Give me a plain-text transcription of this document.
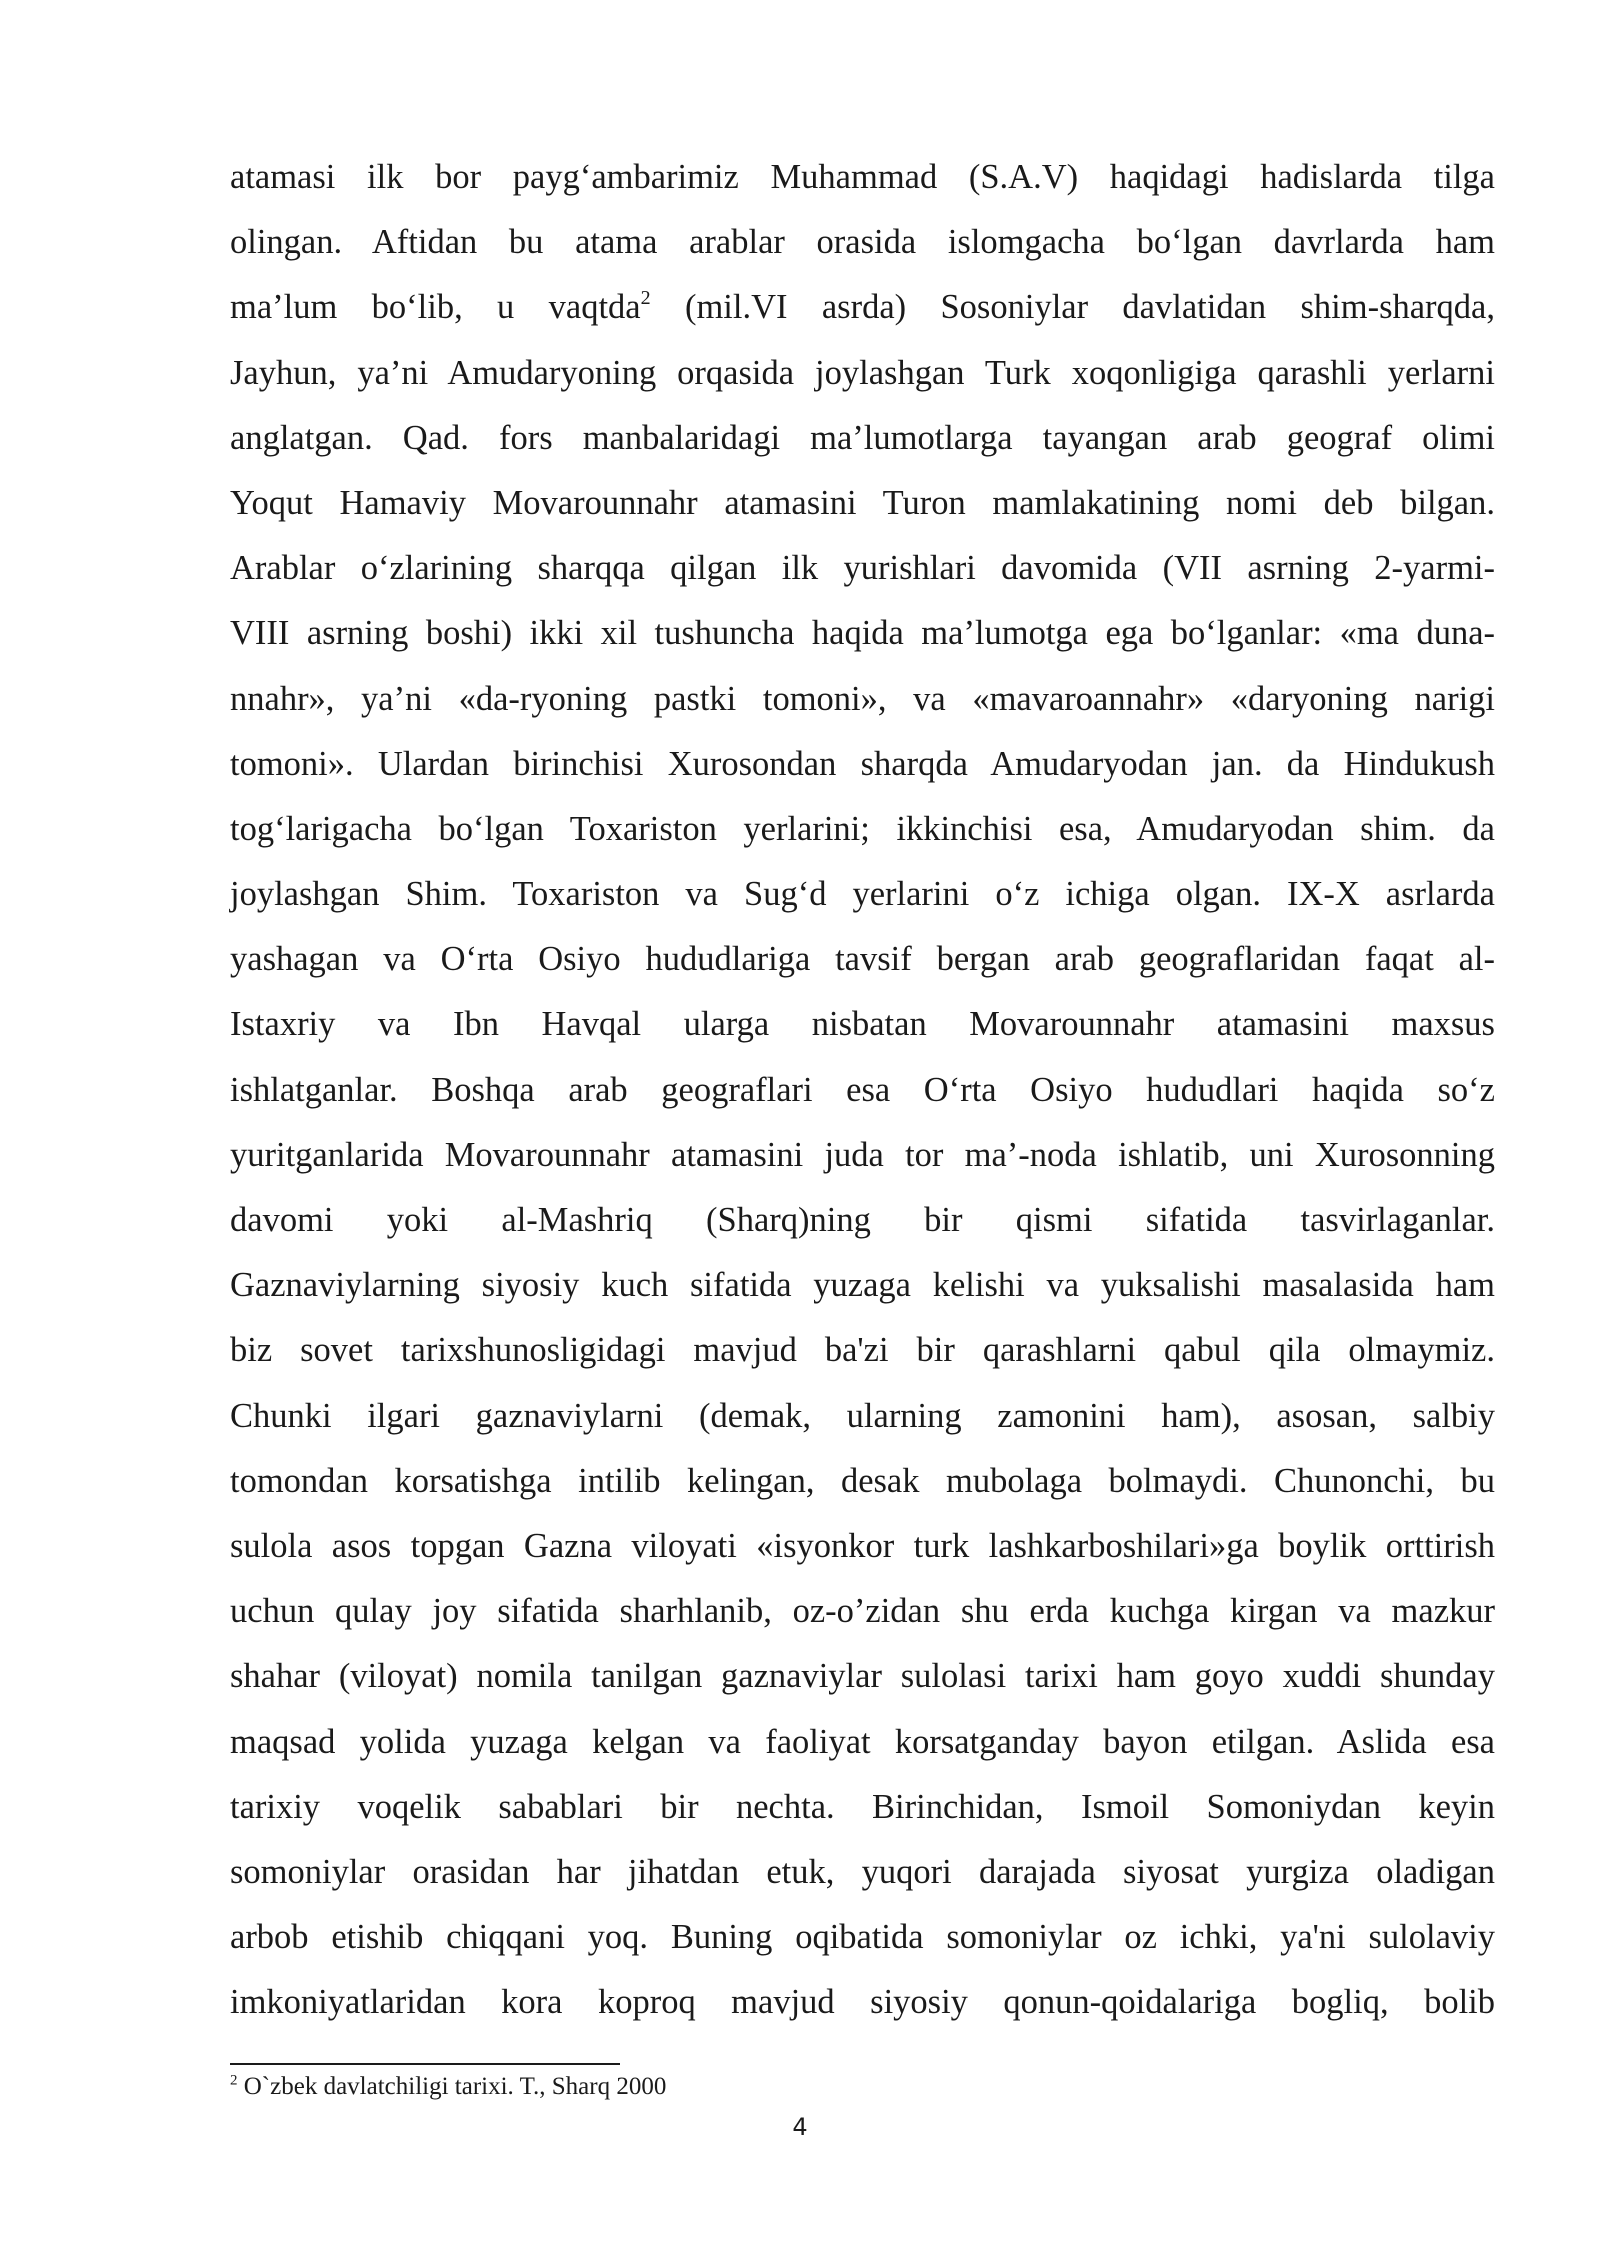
atamasi ilk bor payg‘ambarimiz Muhammad (S.A.V) haqidagi hadislarda tilga
olingan. Aftidan bu atama arablar orasida islomgacha bo‘lgan davrlarda ham
ma’lum bo‘lib, u vaqtda$^2$ (mil.VI asrda) Sosoniylar davlatidan shim-sharqda,
Jayhun, ya’ni Amudaryoning orqasida joylashgan Turk xoqonligiga qarashli yerlarni
anglatgan. Qad. fors manbalaridagi ma’lumotlarga tayangan arab geograf olimi
Yoqut Hamaviy Movarounnahr atamasini Turon mamlakatining nomi deb bilgan.
Arablar o‘zlarining sharqqa qilgan ilk yurishlari davomida (VII asrning 2-yarmi-
VIII asrning boshi) ikki xil tushuncha haqida ma’lumotga ega bo‘lganlar: «ma duna-
nnahr», ya’ni «da-ryoning pastki tomoni», va «mavaroannahr» «daryoning narigi
tomoni». Ulardan birinchisi Xurosondan sharqda Amudaryodan jan. da Hindukush
tog‘larigacha bo‘lgan Toxariston yerlarini; ikkinchisi esa, Amudaryodan shim. da
joylashgan Shim. Toxariston va Sug‘d yerlarini o‘z ichiga olgan. IX-X asrlarda
yashagan va O‘rta Osiyo hududlariga tavsif bergan arab geograflaridan faqat al-
Istaxriy va Ibn Havqal ularga nisbatan Movarounnahr atamasini maxsus
ishlatganlar. Boshqa arab geograflari esa O‘rta Osiyo hududlari haqida so‘z
yuritganlarida Movarounnahr atamasini juda tor ma’-noda ishlatib, uni Xurosonning
davomi yoki al-Mashriq (Sharq)ning bir qismi sifatida tasvirlaganlar.
Gaznaviylarning siyosiy kuch sifatida yuzaga kelishi va yuksalishi masalasida ham
biz sovet tarixshunosligidagi mavjud ba'zi bir qarashlarni qabul qila olmaymiz.
Chunki ilgari gaznaviylarni (demak, ularning zamonini ham), asosan, salbiy
tomondan korsatishga intilib kelingan, desak mubolaga bolmaydi. Chunonchi, bu
sulola asos topgan Gazna viloyati «isyonkor turk lashkarboshilari»ga boylik orttirish
uchun qulay joy sifatida sharhlanib, oz-o’zidan shu erda kuchga kirgan va mazkur
shahar (viloyat) nomila tanilgan gaznaviylar sulolasi tarixi ham goyo xuddi shunday
maqsad yolida yuzaga kelgan va faoliyat korsatganday bayon etilgan. Aslida esa
tarixiy voqelik sabablari bir nechta. Birinchidan, Ismoil Somoniydan keyin
somoniylar orasidan har jihatdan etuk, yuqori darajada siyosat yurgiza oladigan
arbob etishib chiqqani yoq. Buning oqibatida somoniylar oz ichki, ya'ni sulolaviy
imkoniyatlaridan kora koproq mavjud siyosiy qonun-qoidalariga bogliq, bolib
$^2$ O`zbek davlatchiligi tarixi. T., Sharq 2000
4
